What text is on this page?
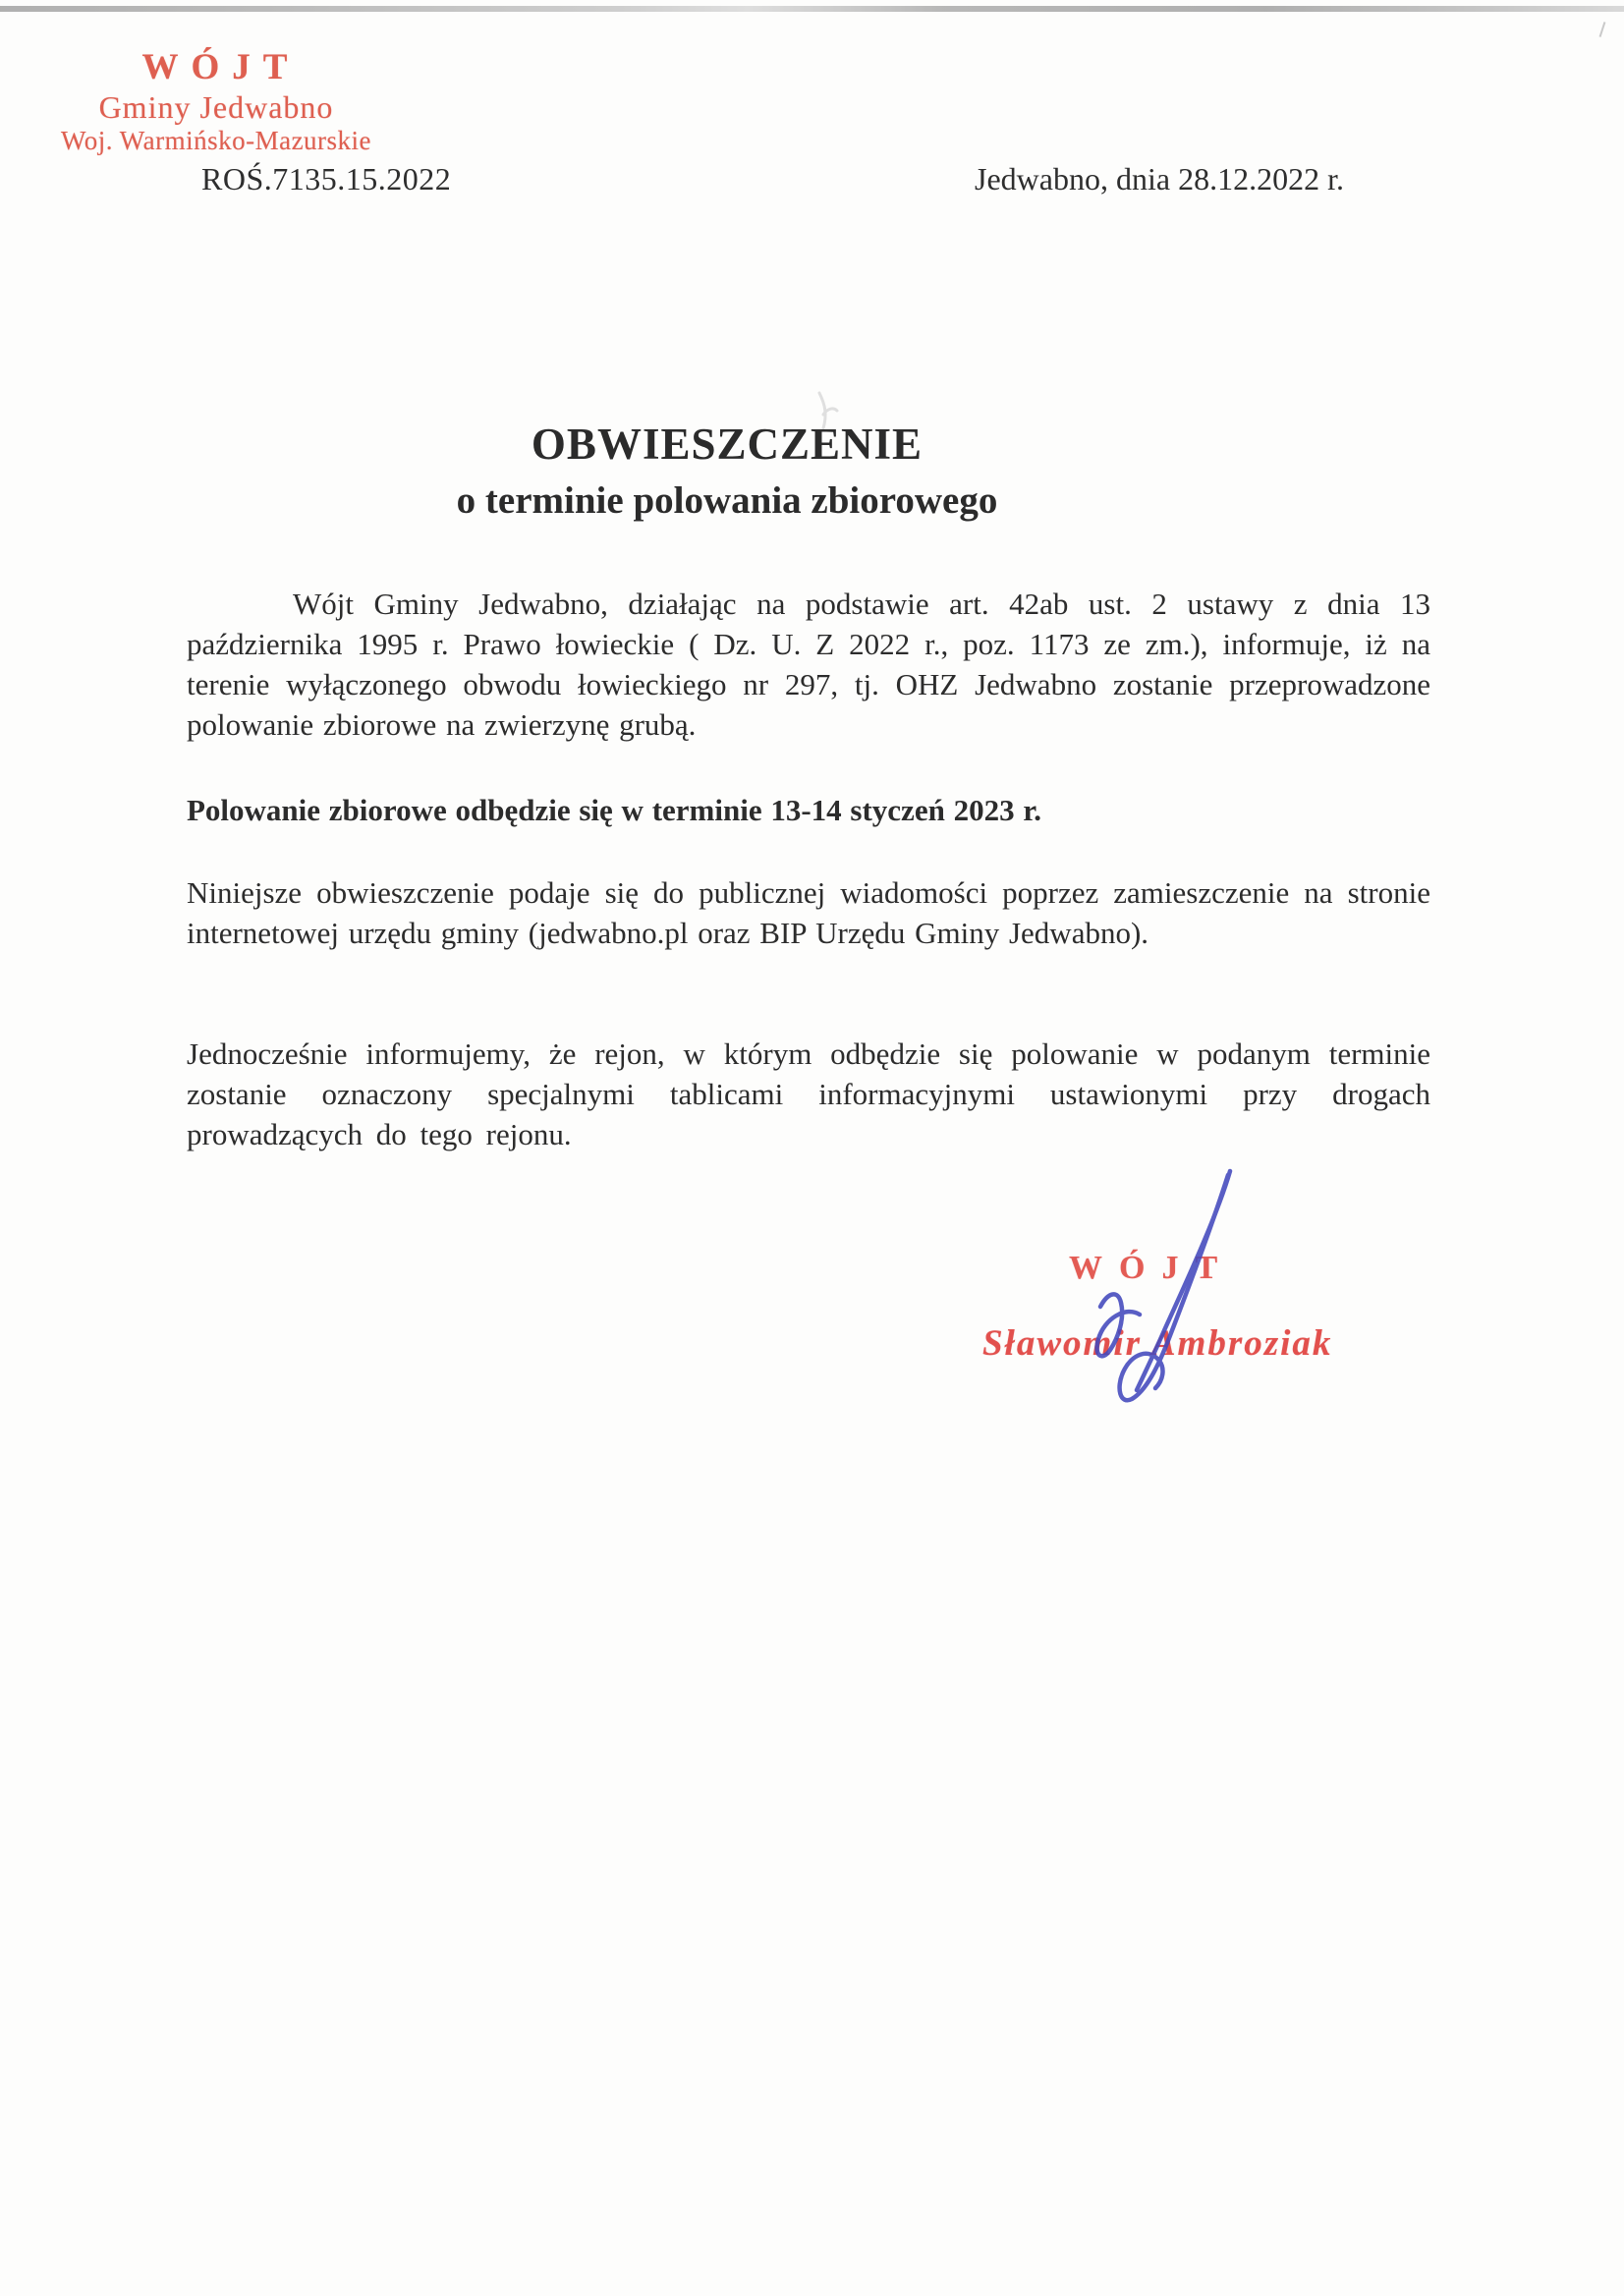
WÓJT
Gminy Jedwabno
Woj. Warmińsko-Mazurskie
ROŚ.7135.15.2022	Jedwabno, dnia 28.12.2022 r.
OBWIESZCZENIE
o terminie polowania zbiorowego
Wójt Gminy Jedwabno, działając na podstawie art. 42ab ust. 2 ustawy z dnia 13 października 1995 r. Prawo łowieckie ( Dz. U. Z 2022 r., poz. 1173 ze zm.), informuje, iż na terenie wyłączonego obwodu łowieckiego nr 297, tj. OHZ Jedwabno zostanie przeprowadzone polowanie zbiorowe na zwierzynę grubą.
Polowanie zbiorowe odbędzie się w terminie 13-14 styczeń 2023 r.
Niniejsze obwieszczenie podaje się do publicznej wiadomości poprzez zamieszczenie na stronie internetowej urzędu gminy (jedwabno.pl oraz BIP Urzędu Gminy Jedwabno).
Jednocześnie informujemy, że rejon, w którym odbędzie się polowanie w podanym terminie zostanie oznaczony specjalnymi tablicami informacyjnymi ustawionymi przy drogach prowadzących do tego rejonu.
WÓJT
Sławomir Ambroziak
